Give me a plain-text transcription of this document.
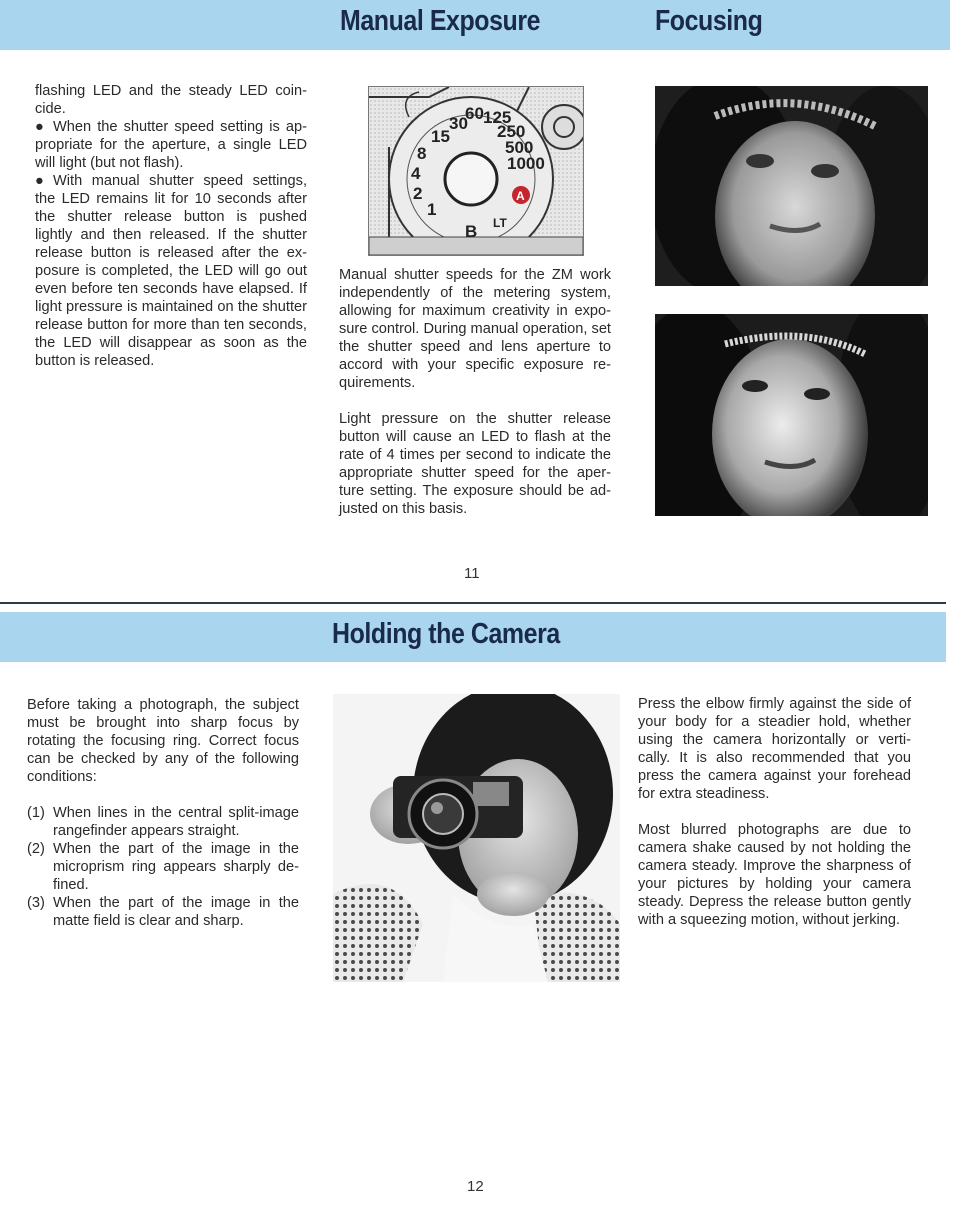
Manual Exposure	Focusing

flashing LED and the steady LED coin-cide.

● When the shutter speed setting is ap-propriate for the aperture, a single LED will light (but not flash).

● With manual shutter speed settings, the LED remains lit for 10 seconds after the shutter release button is pushed lightly and then released. If the shutter release button is released after the ex-posure is completed, the LED will go out even before ten seconds have elapsed. If light pressure is maintained on the shutter release button for more than ten seconds, the LED will disappear as soon as the button is released.

30
60 125
250
500
1000
15
8
4
2
1
B LT
A

Manual shutter speeds for the ZM work independently of the metering system, allowing for maximum creativity in expo-sure control. During manual operation, set the shutter speed and lens aperture to accord with your specific exposure re-quirements.

Light pressure on the shutter release button will cause an LED to flash at the rate of 4 times per second to indicate the appropriate shutter speed for the aper-ture setting. The exposure should be ad-justed on this basis.

11
Holding the Camera

Before taking a photograph, the subject must be brought into sharp focus by rotating the focusing ring. Correct focus can be checked by any of the following conditions:

(1) When lines in the central split-image rangefinder appears straight.
(2) When the part of the image in the microprism ring appears sharply de-fined.
(3) When the part of the image in the matte field is clear and sharp.

Press the elbow firmly against the side of your body for a steadier hold, whether using the camera horizontally or verti-cally. It is also recommended that you press the camera against your forehead for extra steadiness.

Most blurred photographs are due to camera shake caused by not holding the camera steady. Improve the sharpness of your pictures by holding your camera steady. Depress the release button gently with a squeezing motion, without jerking.

12
